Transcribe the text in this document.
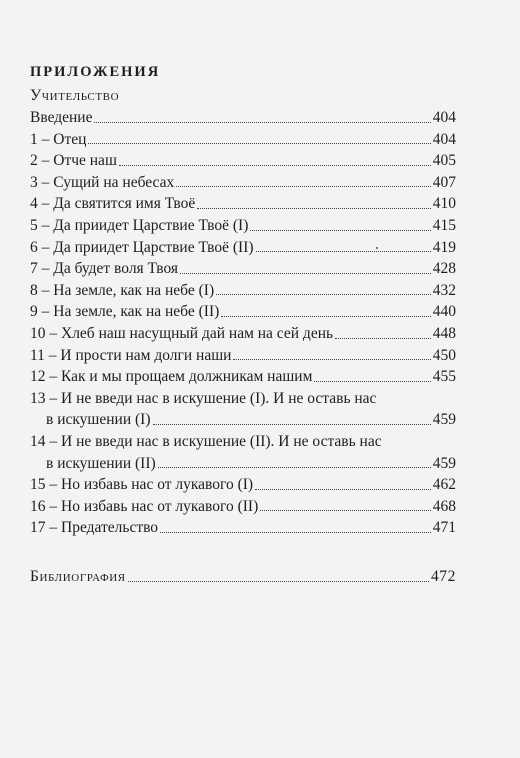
ПРИЛОЖЕНИЯ
Учительство
Введение	404
1 – Отец	404
2 – Отче наш	405
3 – Сущий на небесах	407
4 – Да святится имя Твоё	410
5 – Да приидет Царствие Твоё (I)	415
6 – Да приидет Царствие Твоё (II)	419
7 – Да будет воля Твоя	428
8 – На земле, как на небе (I)	432
9 – На земле, как на небе (II)	440
10 – Хлеб наш насущный дай нам на сей день	448
11 – И прости нам долги наши	450
12 – Как и мы прощаем должникам нашим	455
13 – И не введи нас в искушение (I). И не оставь нас
в искушении (I)	459
14 – И не введи нас в искушение (II). И не оставь нас
в искушении (II)	459
15 – Но избавь нас от лукавого (I)	462
16 – Но избавь нас от лукавого (II)	468
17 – Предательство	471
Библиография	472
